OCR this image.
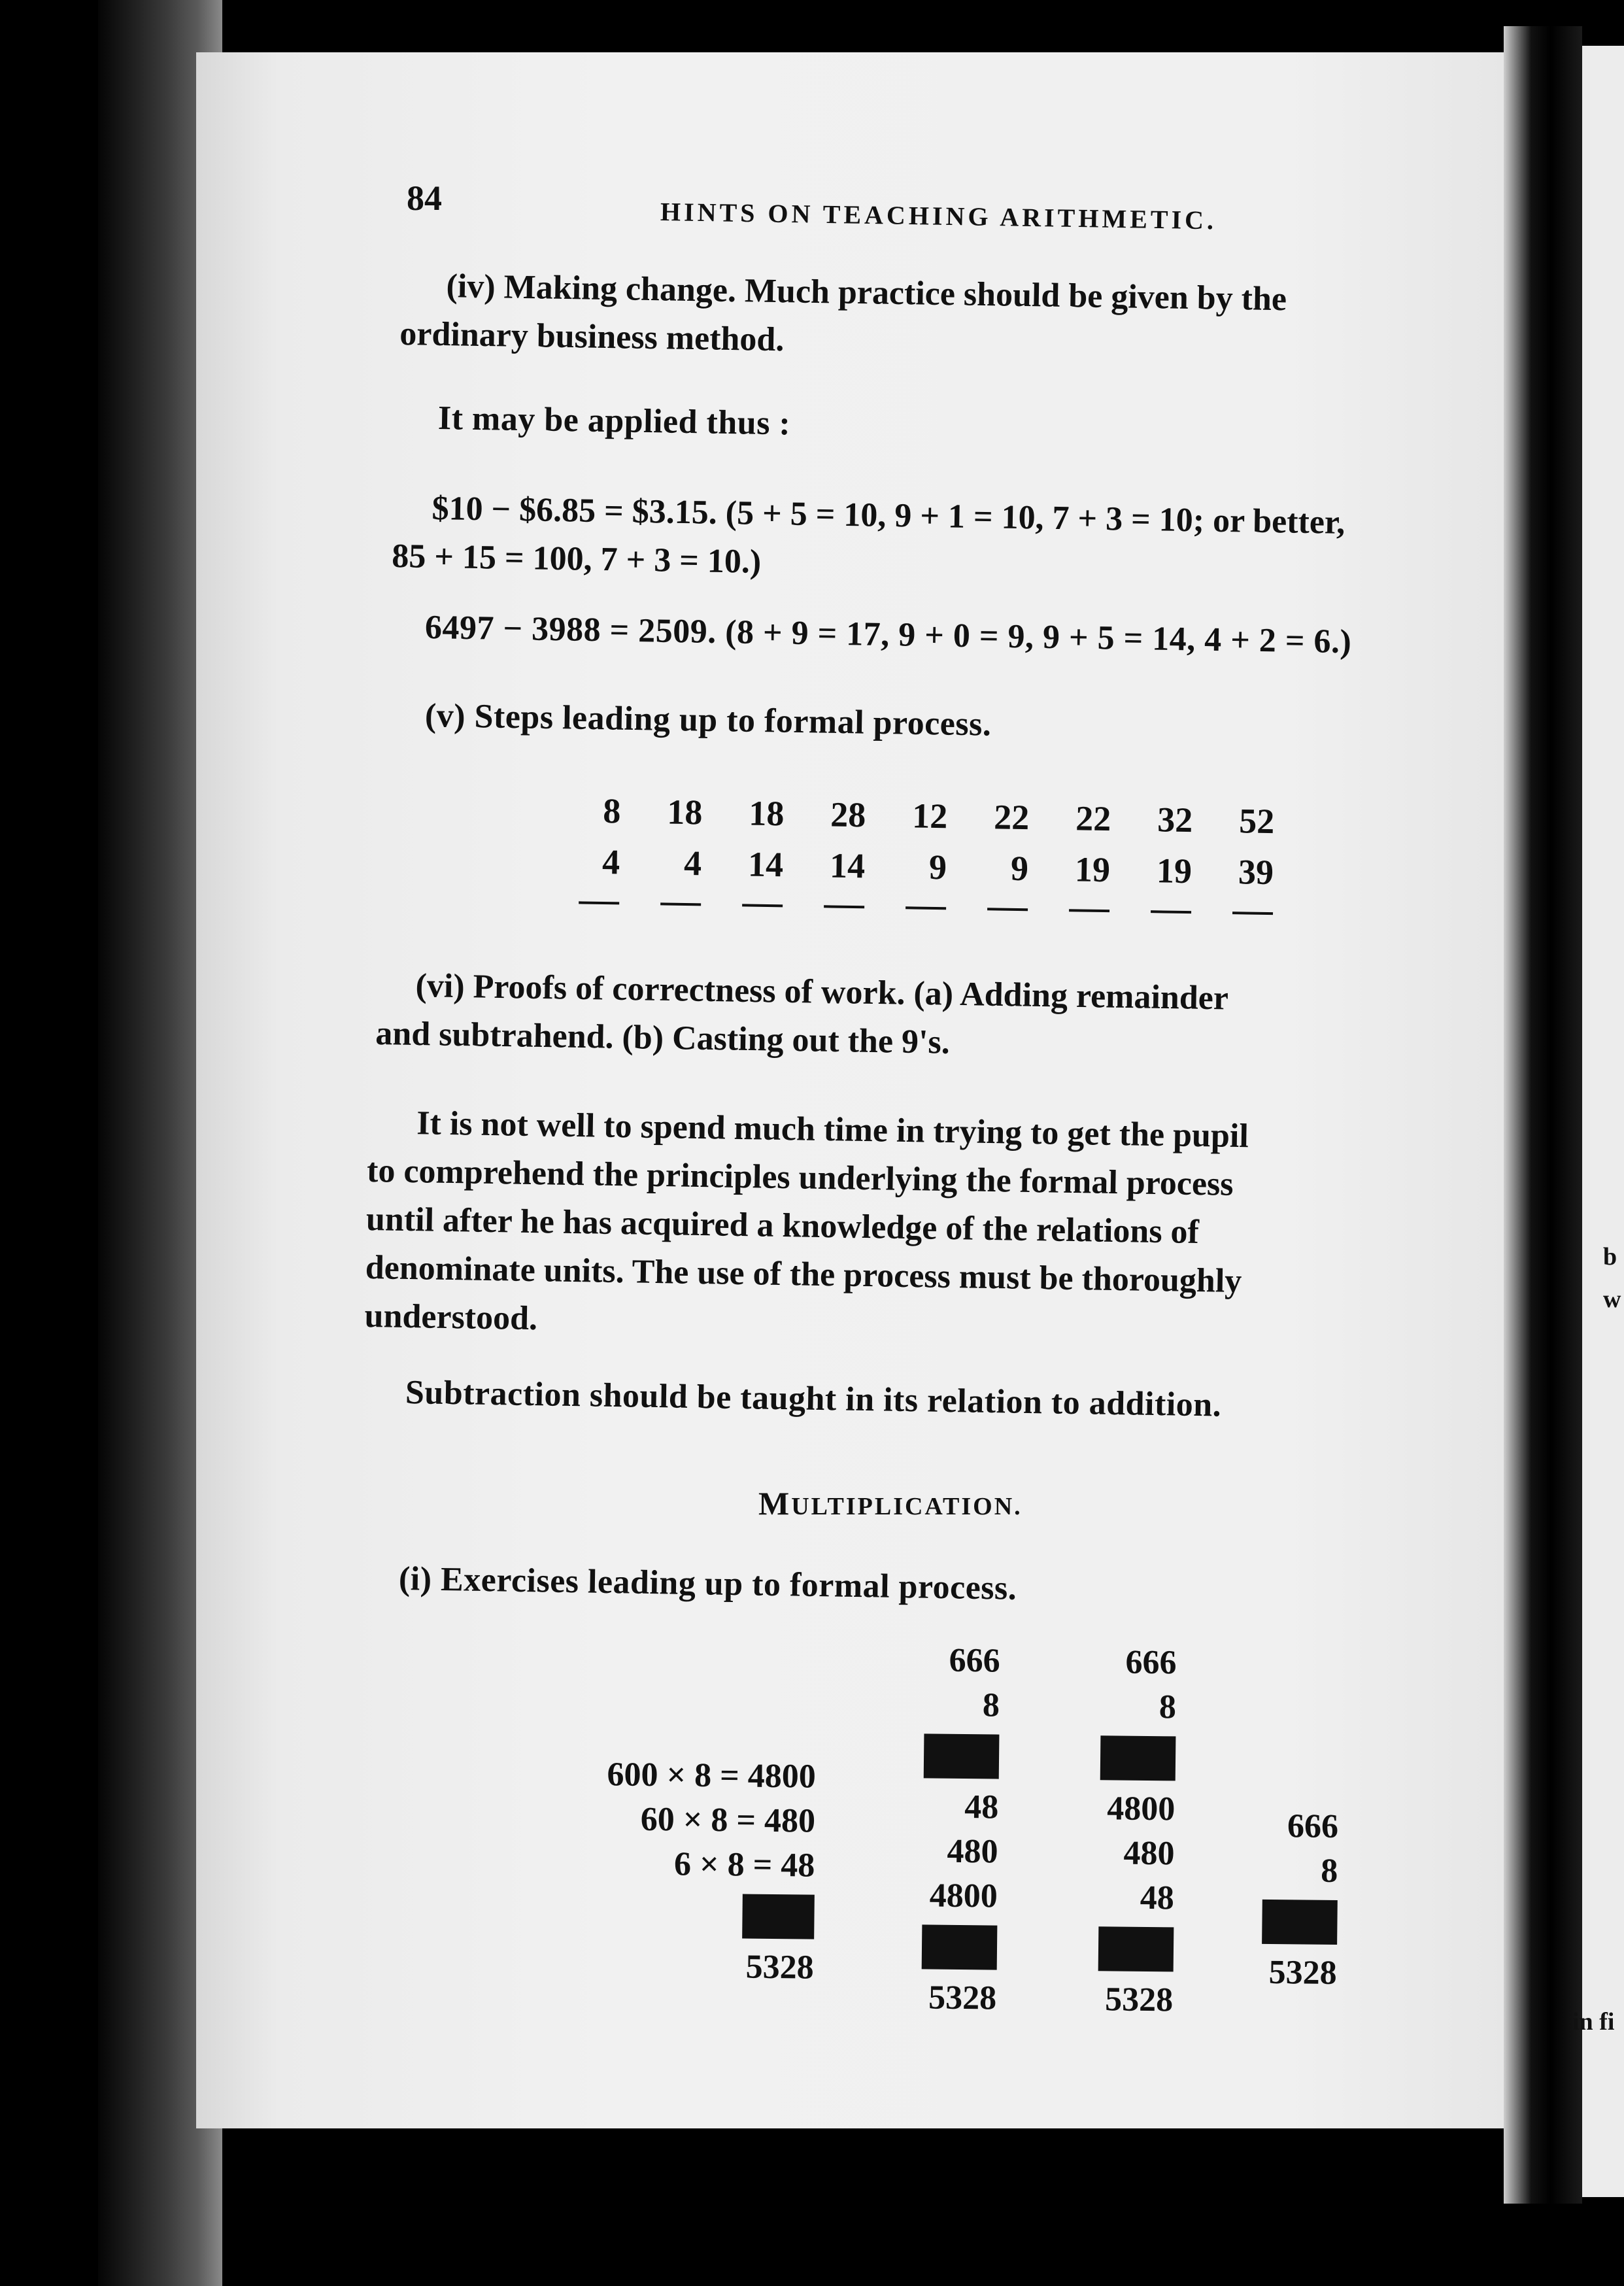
b
w
in fi
84	HINTS ON TEACHING ARITHMETIC.
(iv) Making change. Much practice should be given by the
ordinary business method.
It may be applied thus :
$10 − $6.85 = $3.15. (5 + 5 = 10, 9 + 1 = 10, 7 + 3 = 10; or better,
85 + 15 = 100, 7 + 3 = 10.)
6497 − 3988 = 2509. (8 + 9 = 17, 9 + 0 = 9, 9 + 5 = 14, 4 + 2 = 6.)
(v) Steps leading up to formal process.
8
4
18
4
18
14
28
14
12
9
22
9
22
19
32
19
52
39
(vi) Proofs of correctness of work. (a) Adding remainder
and subtrahend. (b) Casting out the 9's.
It is not well to spend much time in trying to get the pupil
to comprehend the principles underlying the formal process
until after he has acquired a knowledge of the relations of
denominate units. The use of the process must be thoroughly
understood.
Subtraction should be taught in its relation to addition.
MULTIPLICATION.
(i) Exercises leading up to formal process.
600 × 8 = 4800
60 × 8 = 480
6 × 8 = 48
5328
666
8
48
480
4800
5328
666
8
4800
480
48
5328
666
8
5328
